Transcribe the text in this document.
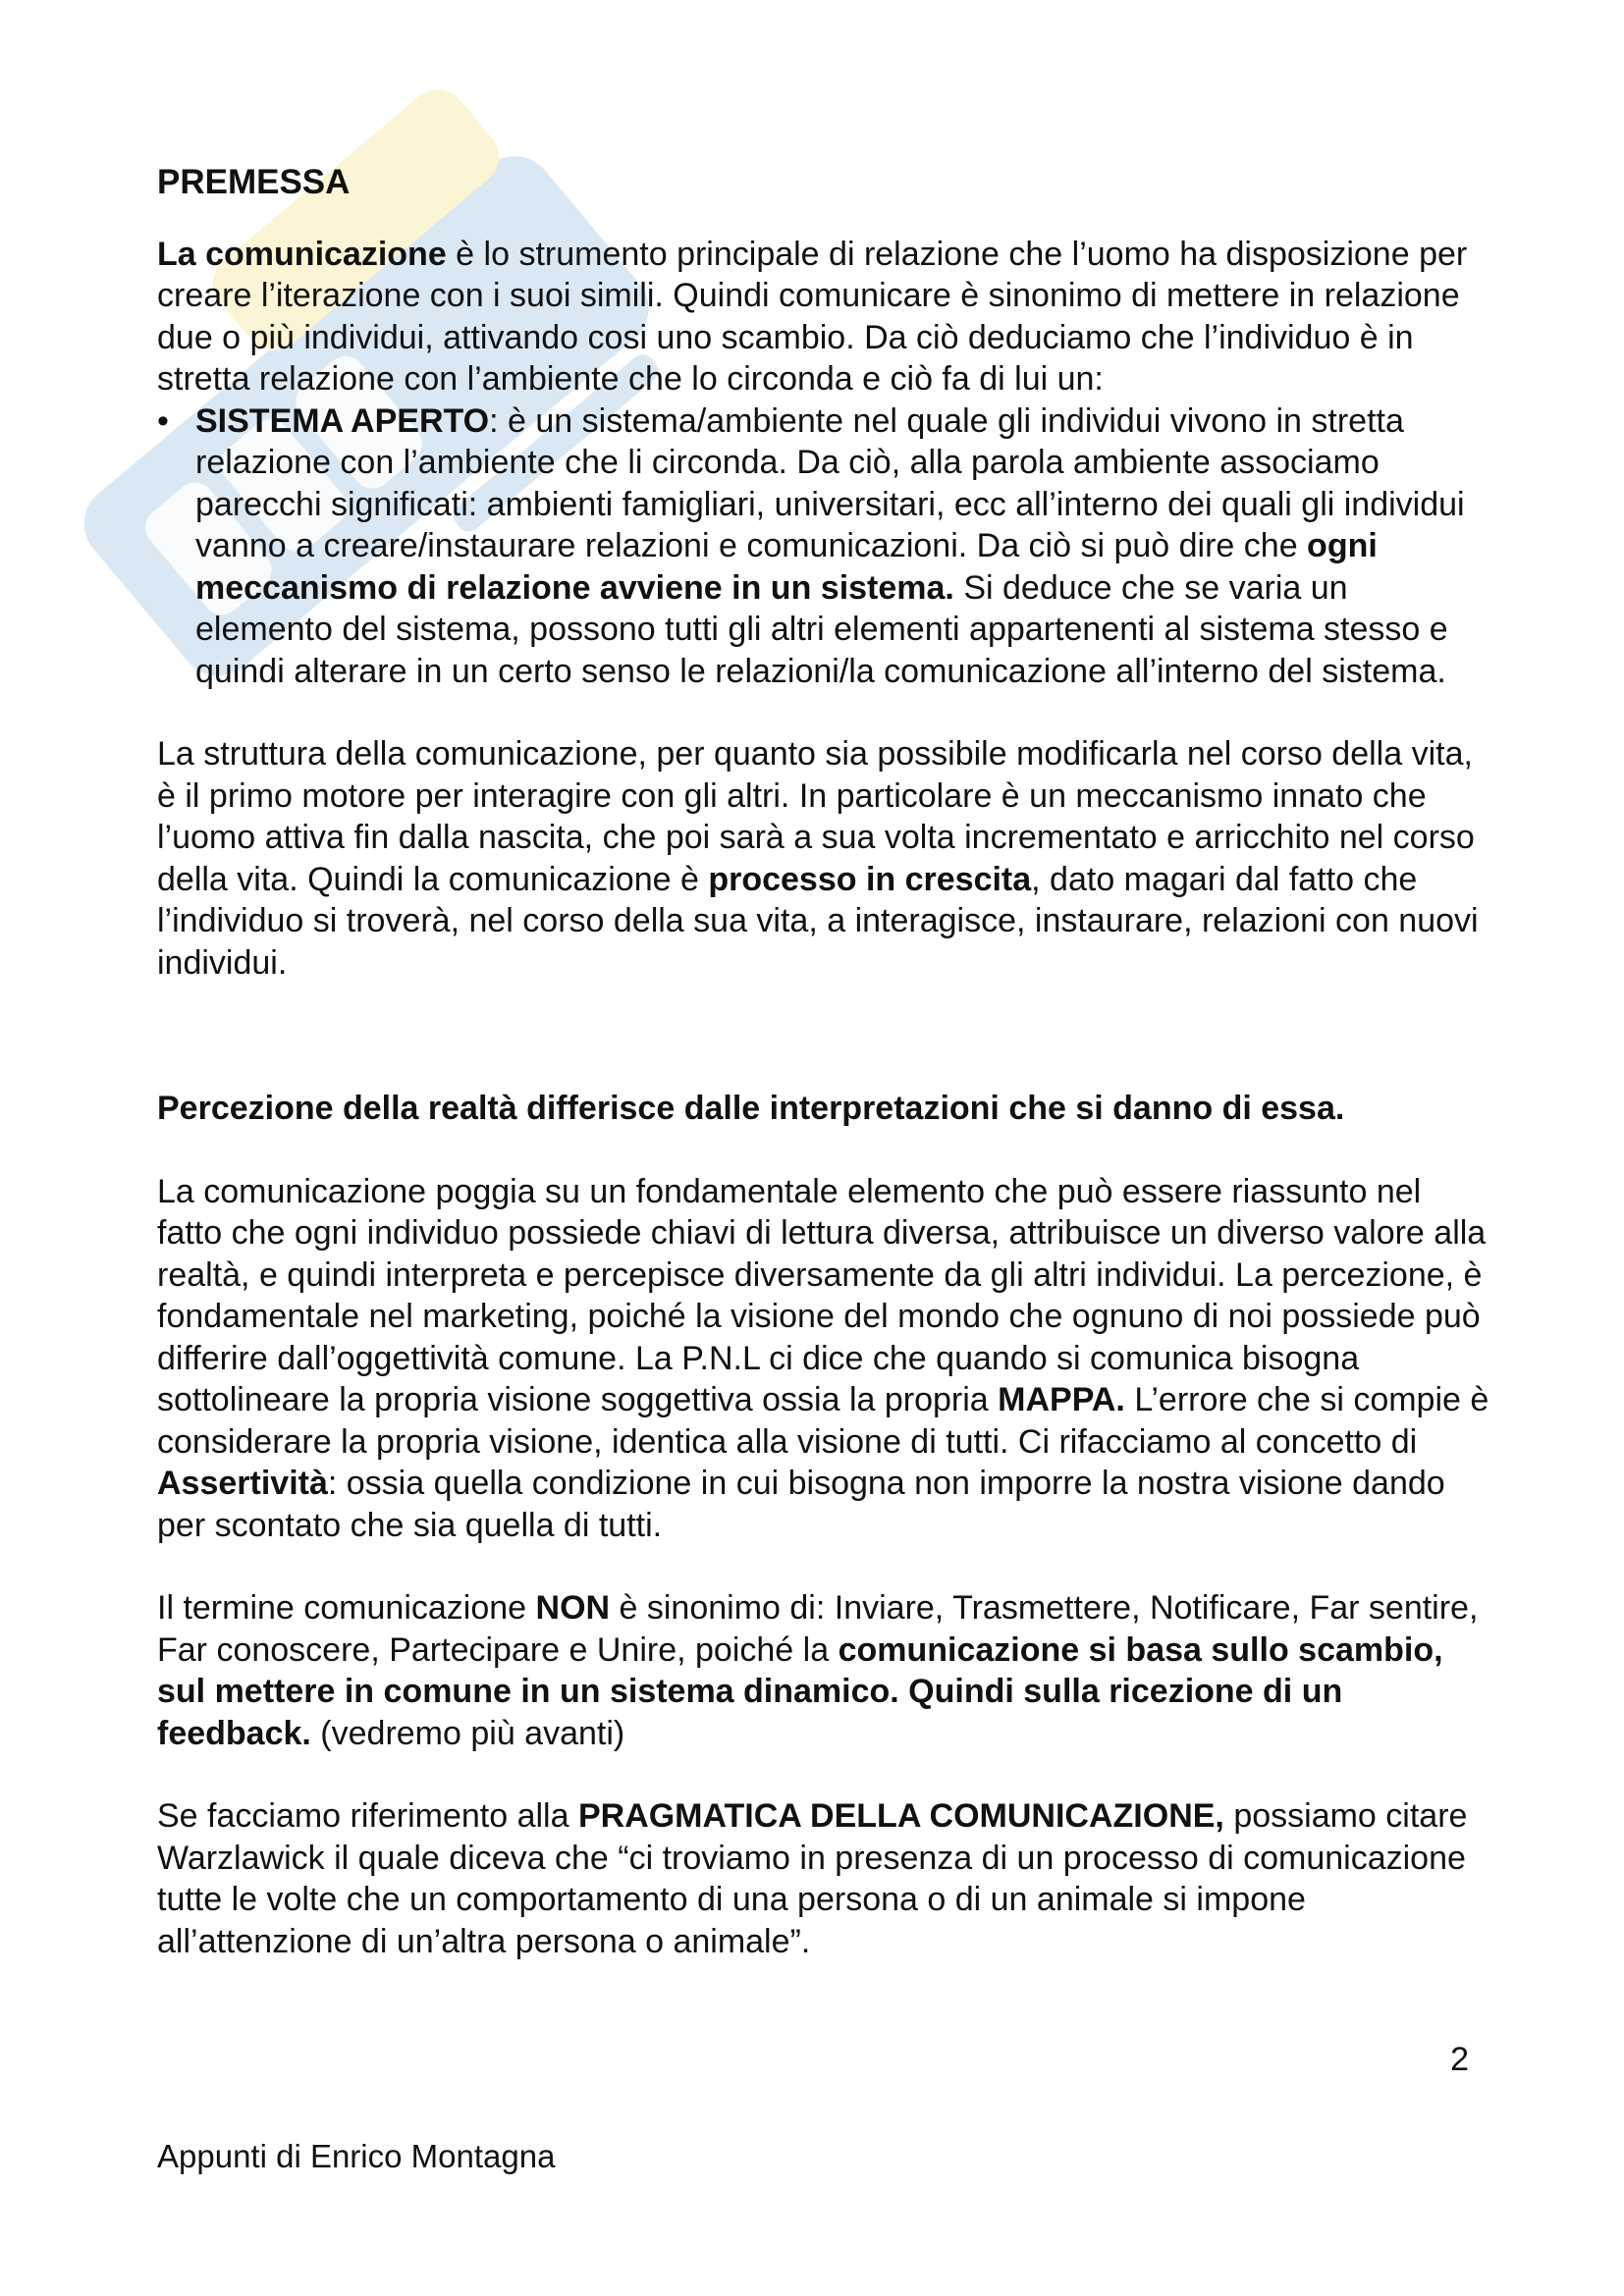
PREMESSA

La comunicazione è lo strumento principale di relazione che l’uomo ha disposizione per creare l’iterazione con i suoi simili. Quindi comunicare è sinonimo di mettere in relazione due o più individui, attivando cosi uno scambio. Da ciò deduciamo che l’individuo è in stretta relazione con l’ambiente che lo circonda e ciò fa di lui un:

• SISTEMA APERTO: è un sistema/ambiente nel quale gli individui vivono in stretta relazione con l’ambiente che li circonda. Da ciò, alla parola ambiente associamo parecchi significati: ambienti famigliari, universitari, ecc all’interno dei quali gli individui vanno a creare/instaurare relazioni e comunicazioni. Da ciò si può dire che ogni meccanismo di relazione avviene in un sistema. Si deduce che se varia un elemento del sistema, possono tutti gli altri elementi appartenenti al sistema stesso e quindi alterare in un certo senso le relazioni/la comunicazione all’interno del sistema.

La struttura della comunicazione, per quanto sia possibile modificarla nel corso della vita, è il primo motore per interagire con gli altri. In particolare è un meccanismo innato che l’uomo attiva fin dalla nascita, che poi sarà a sua volta incrementato e arricchito nel corso della vita. Quindi la comunicazione è processo in crescita, dato magari dal fatto che l’individuo si troverà, nel corso della sua vita, a interagisce, instaurare, relazioni con nuovi individui.

Percezione della realtà differisce dalle interpretazioni che si danno di essa.

La comunicazione poggia su un fondamentale elemento che può essere riassunto nel fatto che ogni individuo possiede chiavi di lettura diversa, attribuisce un diverso valore alla realtà, e quindi interpreta e percepisce diversamente da gli altri individui. La percezione, è fondamentale nel marketing, poiché la visione del mondo che ognuno di noi possiede può differire dall’oggettività comune. La P.N.L ci dice che quando si comunica bisogna sottolineare la propria visione soggettiva ossia la propria MAPPA. L’errore che si compie è considerare la propria visione, identica alla visione di tutti. Ci rifacciamo al concetto di Assertività: ossia quella condizione in cui bisogna non imporre la nostra visione dando per scontato che sia quella di tutti.

Il termine comunicazione NON è sinonimo di: Inviare, Trasmettere, Notificare, Far sentire, Far conoscere, Partecipare e Unire, poiché la comunicazione si basa sullo scambio, sul mettere in comune in un sistema dinamico. Quindi sulla ricezione di un feedback. (vedremo più avanti)

Se facciamo riferimento alla PRAGMATICA DELLA COMUNICAZIONE, possiamo citare Warzlawick il quale diceva che “ci troviamo in presenza di un processo di comunicazione tutte le volte che un comportamento di una persona o di un animale si impone all’attenzione di un’altra persona o animale”.

2
Appunti di Enrico Montagna
